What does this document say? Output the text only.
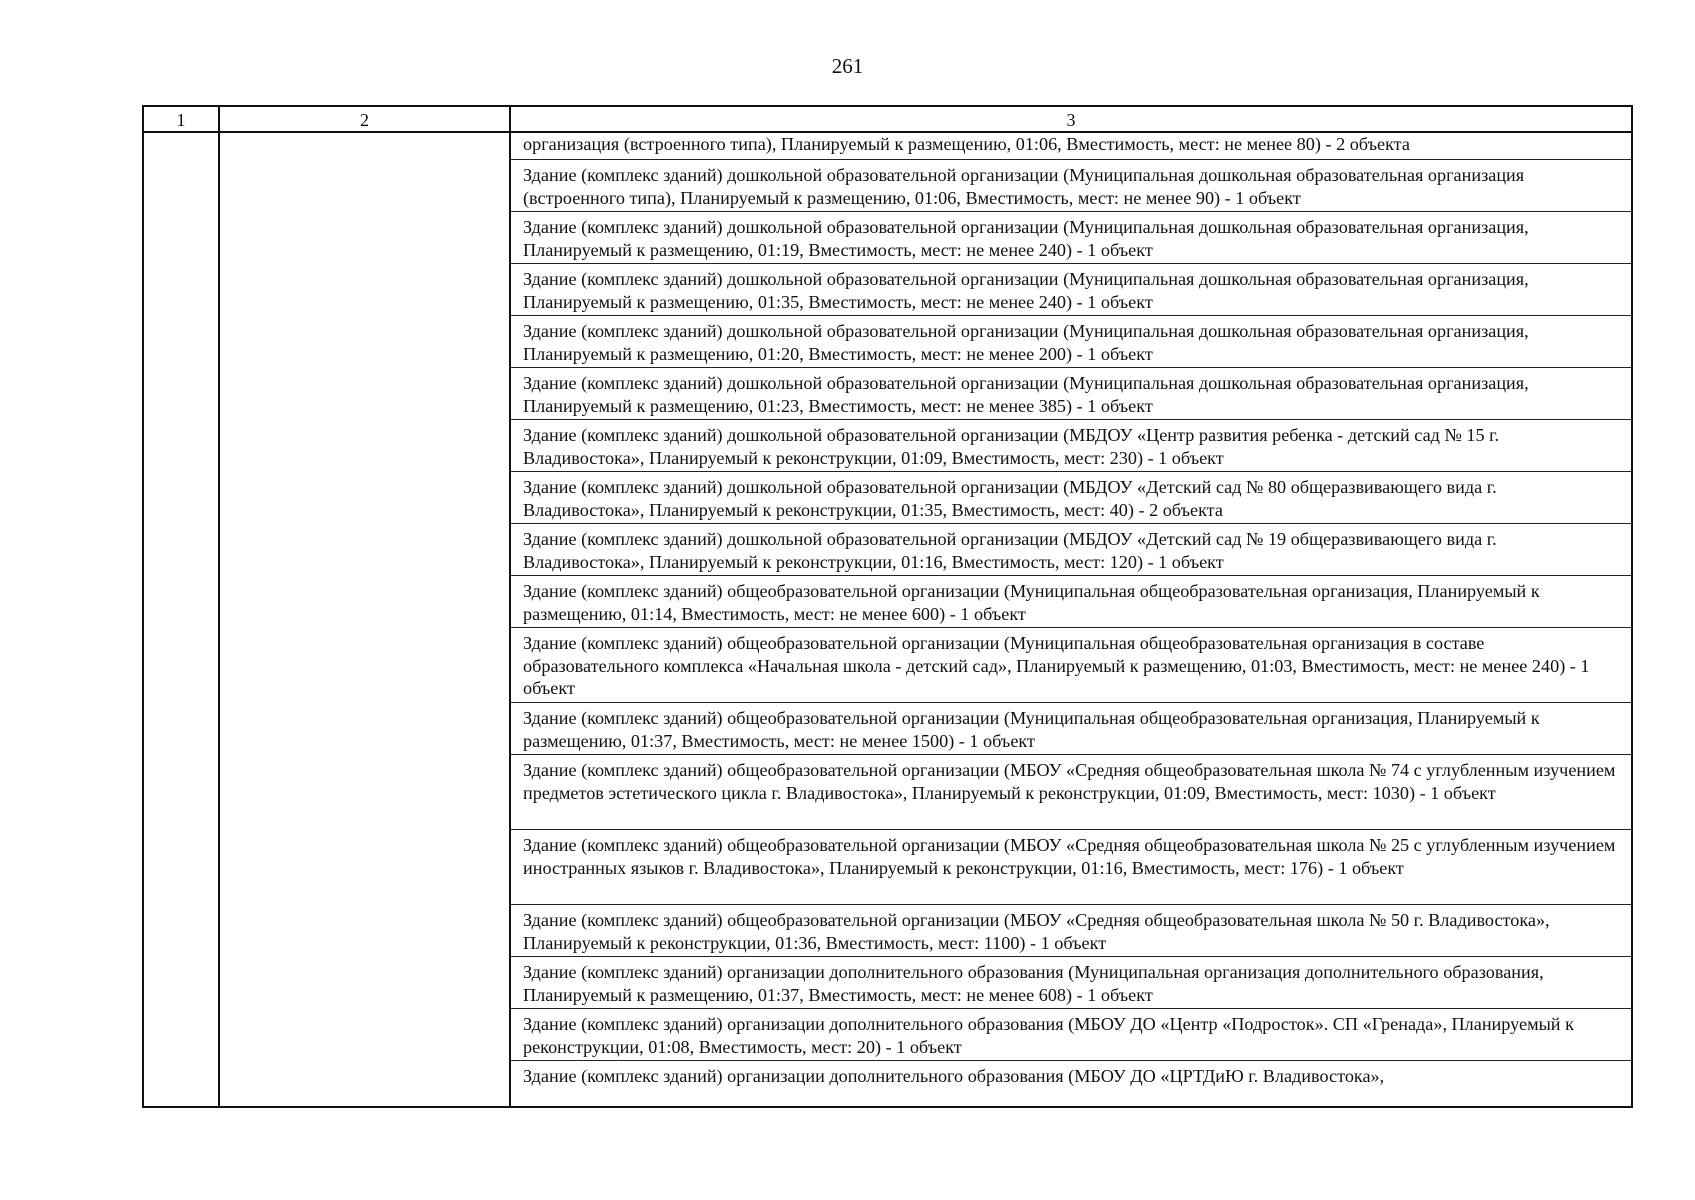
261
1	2	3
организация (встроенного типа), Планируемый к размещению, 01:06, Вместимость, мест: не менее 80) - 2 объекта
Здание (комплекс зданий) дошкольной образовательной организации (Муниципальная дошкольная образовательная организация (встроенного типа), Планируемый к размещению, 01:06, Вместимость, мест: не менее 90) - 1 объект
Здание (комплекс зданий) дошкольной образовательной организации (Муниципальная дошкольная образовательная организация, Планируемый к размещению, 01:19, Вместимость, мест: не менее 240) - 1 объект
Здание (комплекс зданий) дошкольной образовательной организации (Муниципальная дошкольная образовательная организация, Планируемый к размещению, 01:35, Вместимость, мест: не менее 240) - 1 объект
Здание (комплекс зданий) дошкольной образовательной организации (Муниципальная дошкольная образовательная организация, Планируемый к размещению, 01:20, Вместимость, мест: не менее 200) - 1 объект
Здание (комплекс зданий) дошкольной образовательной организации (Муниципальная дошкольная образовательная организация, Планируемый к размещению, 01:23, Вместимость, мест: не менее 385) - 1 объект
Здание (комплекс зданий) дошкольной образовательной организации (МБДОУ «Центр развития ребенка - детский сад № 15 г. Владивостока», Планируемый к реконструкции, 01:09, Вместимость, мест: 230) - 1 объект
Здание (комплекс зданий) дошкольной образовательной организации (МБДОУ «Детский сад № 80 общеразвивающего вида г. Владивостока», Планируемый к реконструкции, 01:35, Вместимость, мест: 40) - 2 объекта
Здание (комплекс зданий) дошкольной образовательной организации (МБДОУ «Детский сад № 19 общеразвивающего вида г. Владивостока», Планируемый к реконструкции, 01:16, Вместимость, мест: 120) - 1 объект
Здание (комплекс зданий) общеобразовательной организации (Муниципальная общеобразовательная организация, Планируемый к размещению, 01:14, Вместимость, мест: не менее 600) - 1 объект
Здание (комплекс зданий) общеобразовательной организации (Муниципальная общеобразовательная организация в составе образовательного комплекса «Начальная школа - детский сад», Планируемый к размещению, 01:03, Вместимость, мест: не менее 240) - 1 объект
Здание (комплекс зданий) общеобразовательной организации (Муниципальная общеобразовательная организация, Планируемый к размещению, 01:37, Вместимость, мест: не менее 1500) - 1 объект
Здание (комплекс зданий) общеобразовательной организации (МБОУ «Средняя общеобразовательная школа № 74 с углубленным изучением предметов эстетического цикла г. Владивостока», Планируемый к реконструкции, 01:09, Вместимость, мест: 1030) - 1 объект
Здание (комплекс зданий) общеобразовательной организации (МБОУ «Средняя общеобразовательная школа № 25 с углубленным изучением иностранных языков г. Владивостока», Планируемый к реконструкции, 01:16, Вместимость, мест: 176) - 1 объект
Здание (комплекс зданий) общеобразовательной организации (МБОУ «Средняя общеобразовательная школа № 50 г. Владивостока», Планируемый к реконструкции, 01:36, Вместимость, мест: 1100) - 1 объект
Здание (комплекс зданий) организации дополнительного образования (Муниципальная организация дополнительного образования, Планируемый к размещению, 01:37, Вместимость, мест: не менее 608) - 1 объект
Здание (комплекс зданий) организации дополнительного образования (МБОУ ДО «Центр «Подросток». СП «Гренада», Планируемый к реконструкции, 01:08, Вместимость, мест: 20) - 1 объект
Здание (комплекс зданий) организации дополнительного образования (МБОУ ДО «ЦРТДиЮ г. Владивостока»,
